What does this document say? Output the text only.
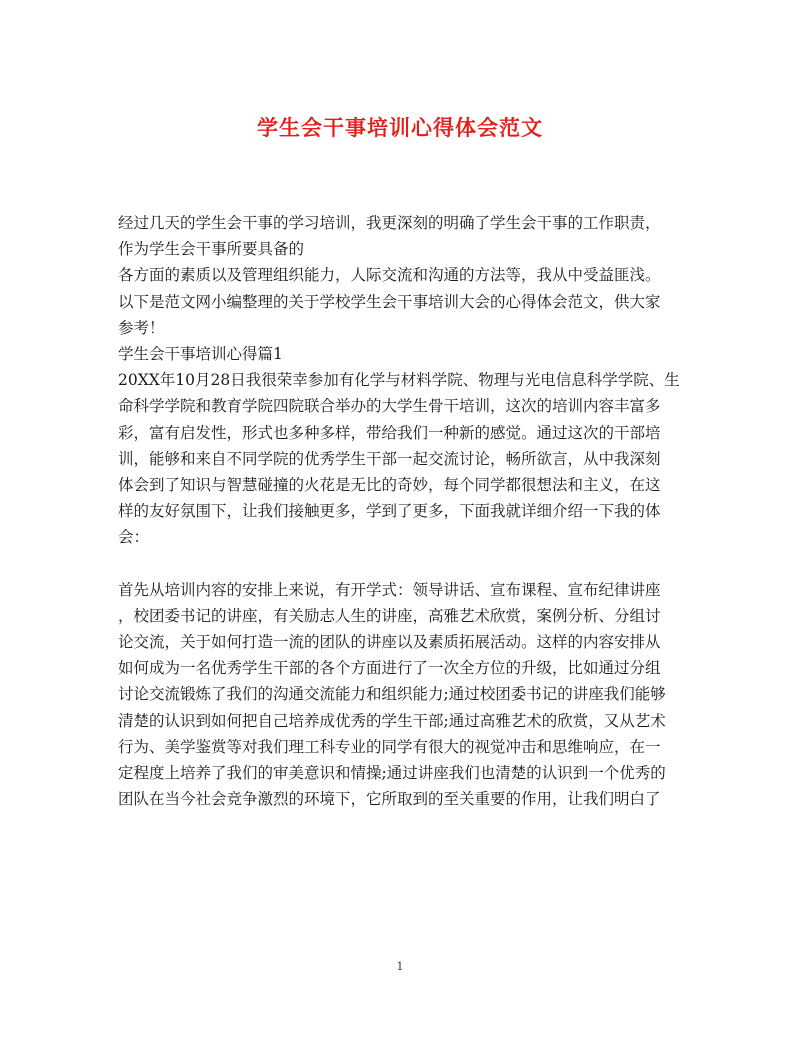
学生会干事培训心得体会范文
经过几天的学生会干事的学习培训，我更深刻的明确了学生会干事的工作职责，
作为学生会干事所要具备的
各方面的素质以及管理组织能力，人际交流和沟通的方法等，我从中受益匪浅。
以下是范文网小编整理的关于学校学生会干事培训大会的心得体会范文，供大家
参考！
学生会干事培训心得篇1
20XX年10月28日我很荣幸参加有化学与材料学院、物理与光电信息科学学院、生
命科学学院和教育学院四院联合举办的大学生骨干培训，这次的培训内容丰富多
彩，富有启发性，形式也多种多样，带给我们一种新的感觉。通过这次的干部培
训，能够和来自不同学院的优秀学生干部一起交流讨论，畅所欲言，从中我深刻
体会到了知识与智慧碰撞的火花是无比的奇妙，每个同学都很想法和主义，在这
样的友好氛围下，让我们接触更多，学到了更多，下面我就详细介绍一下我的体
会：
首先从培训内容的安排上来说，有开学式：领导讲话、宣布课程、宣布纪律讲座
，校团委书记的讲座，有关励志人生的讲座，高雅艺术欣赏，案例分析、分组讨
论交流，关于如何打造一流的团队的讲座以及素质拓展活动。这样的内容安排从
如何成为一名优秀学生干部的各个方面进行了一次全方位的升级，比如通过分组
讨论交流锻炼了我们的沟通交流能力和组织能力;通过校团委书记的讲座我们能够
清楚的认识到如何把自己培养成优秀的学生干部;通过高雅艺术的欣赏，又从艺术
行为、美学鉴赏等对我们理工科专业的同学有很大的视觉冲击和思维响应，在一
定程度上培养了我们的审美意识和情操;通过讲座我们也清楚的认识到一个优秀的
团队在当今社会竞争激烈的环境下，它所取到的至关重要的作用，让我们明白了
1
